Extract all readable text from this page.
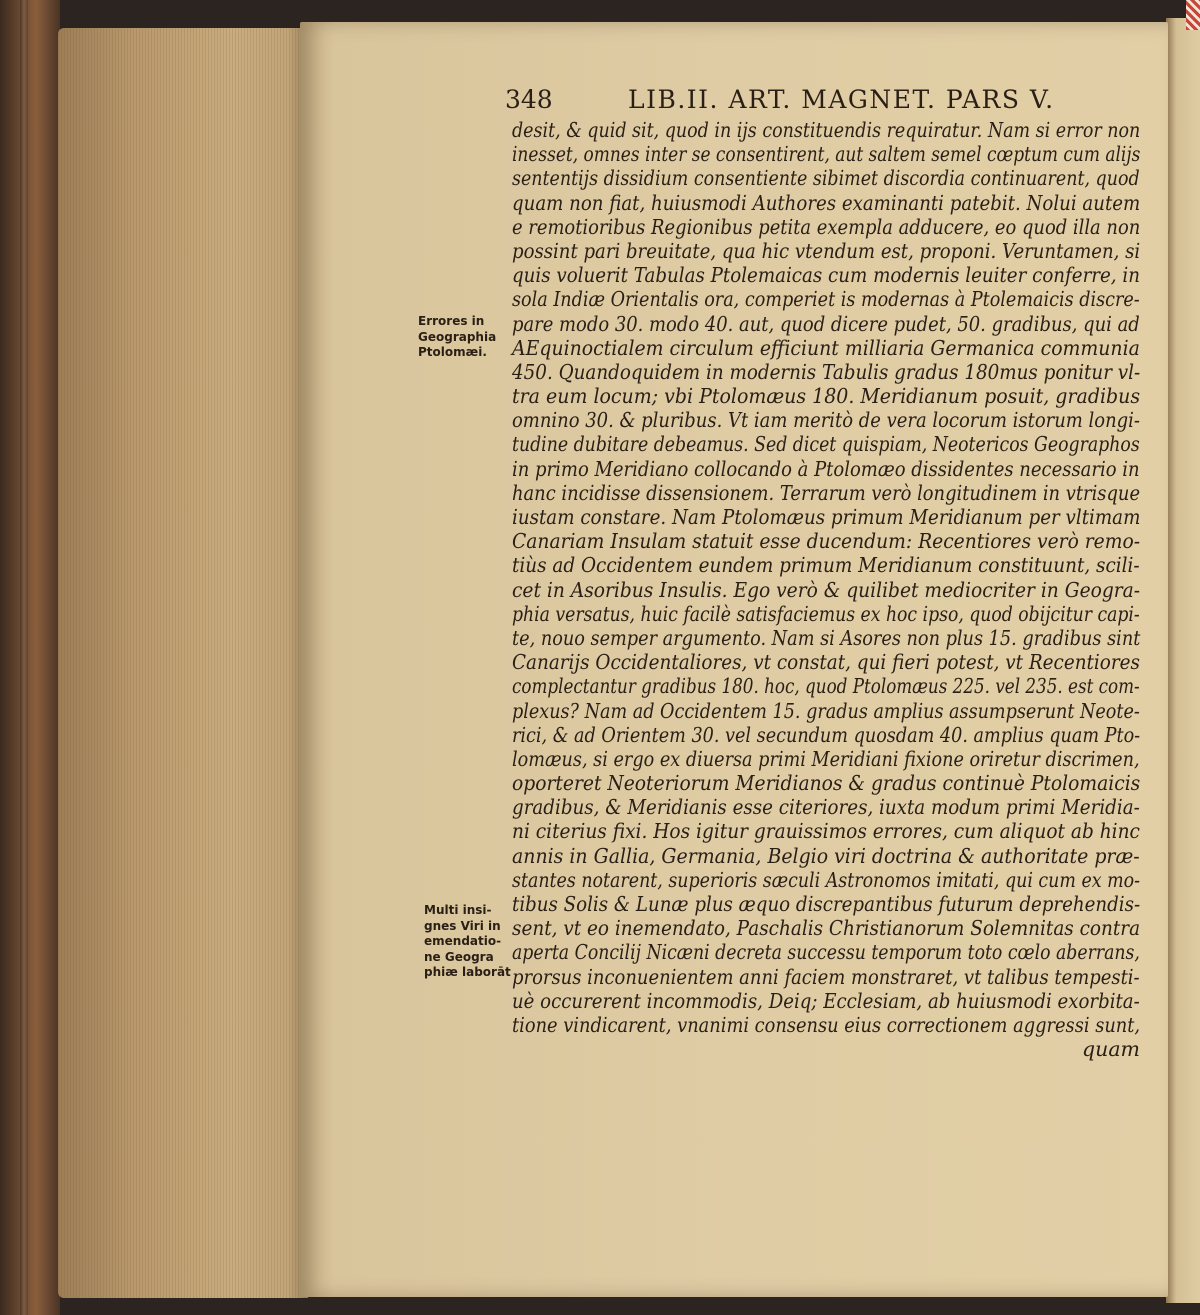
348	LIB.II. ART. MAGNET. PARS V.
Errores in
Geographia
Ptolomæi.
Multi insi-
gnes Viri in
emendatio-
ne Geogra
phiæ laborāt
desit, & quid sit, quod in ijs constituendis requiratur. Nam si error non
inesset, omnes inter se consentirent, aut saltem semel cœptum cum alijs
sententijs dissidium consentiente sibimet discordia continuarent, quod
quam non fiat, huiusmodi Authores examinanti patebit. Nolui autem
e remotioribus Regionibus petita exempla adducere, eo quod illa non
possint pari breuitate, qua hic vtendum est, proponi. Veruntamen, si
quis voluerit Tabulas Ptolemaicas cum modernis leuiter conferre, in
sola Indiæ Orientalis ora, comperiet is modernas à Ptolemaicis discre-
pare modo 30. modo 40. aut, quod dicere pudet, 50. gradibus, qui ad
AEquinoctialem circulum efficiunt milliaria Germanica communia
450. Quandoquidem in modernis Tabulis gradus 180mus ponitur vl-
tra eum locum; vbi Ptolomæus 180. Meridianum posuit, gradibus
omnino 30. & pluribus. Vt iam meritò de vera locorum istorum longi-
tudine dubitare debeamus. Sed dicet quispiam, Neotericos Geographos
in primo Meridiano collocando à Ptolomæo dissidentes necessario in
hanc incidisse dissensionem. Terrarum verò longitudinem in vtrisque
iustam constare. Nam Ptolomæus primum Meridianum per vltimam
Canariam Insulam statuit esse ducendum: Recentiores verò remo-
tiùs ad Occidentem eundem primum Meridianum constituunt, scili-
cet in Asoribus Insulis. Ego verò & quilibet mediocriter in Geogra-
phia versatus, huic facilè satisfaciemus ex hoc ipso, quod obijcitur capi-
te, nouo semper argumento. Nam si Asores non plus 15. gradibus sint
Canarijs Occidentaliores, vt constat, qui fieri potest, vt Recentiores
complectantur gradibus 180. hoc, quod Ptolomæus 225. vel 235. est com-
plexus? Nam ad Occidentem 15. gradus amplius assumpserunt Neote-
rici, & ad Orientem 30. vel secundum quosdam 40. amplius quam Pto-
lomæus, si ergo ex diuersa primi Meridiani fixione oriretur discrimen,
oporteret Neoteriorum Meridianos & gradus continuè Ptolomaicis
gradibus, & Meridianis esse citeriores, iuxta modum primi Meridia-
ni citerius fixi. Hos igitur grauissimos errores, cum aliquot ab hinc
annis in Gallia, Germania, Belgio viri doctrina & authoritate præ-
stantes notarent, superioris sæculi Astronomos imitati, qui cum ex mo-
tibus Solis & Lunæ plus æquo discrepantibus futurum deprehendis-
sent, vt eo inemendato, Paschalis Christianorum Solemnitas contra
aperta Concilij Nicæni decreta successu temporum toto cœlo aberrans,
prorsus inconuenientem anni faciem monstraret, vt talibus tempesti-
uè occurerent incommodis, Deiq; Ecclesiam, ab huiusmodi exorbita-
tione vindicarent, vnanimi consensu eius correctionem aggressi sunt,
quam
